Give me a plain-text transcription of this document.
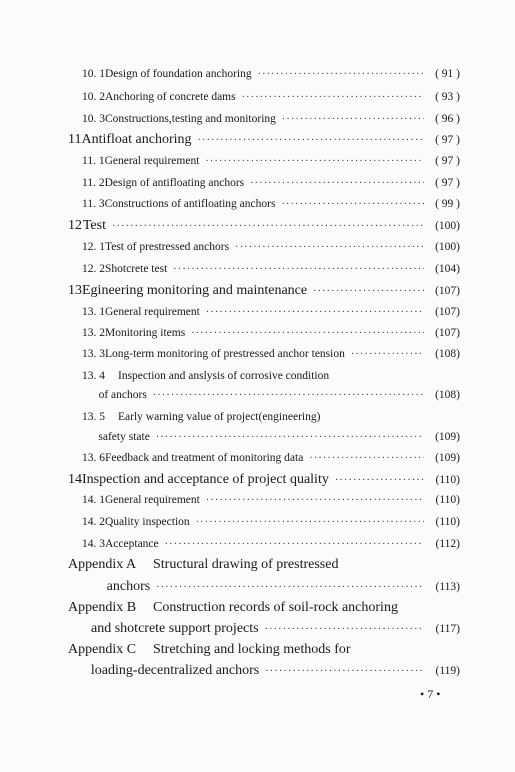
10. 1 Design of foundation anchoring ·····	( 91 )
10. 2 Anchoring of concrete dams ·····	( 93 )
10. 3 Constructions,testing and monitoring ·····	( 96 )
11 Antifloat anchoring ·····	( 97 )
11. 1 General requirement ·····	( 97 )
11. 2 Design of antifloating anchors ·····	( 97 )
11. 3 Constructions of antifloating anchors ·····	( 99 )
12 Test ·····	(100)
12. 1 Test of prestressed anchors ·····	(100)
12. 2 Shotcrete test ·····	(104)
13 Egineering monitoring and maintenance ·····	(107)
13. 1 General requirement ·····	(107)
13. 2 Monitoring items ·····	(107)
13. 3 Long-term monitoring of prestressed anchor tension ·····	(108)
13. 4	Inspection and anslysis of corrosive condition
of anchors ·····	(108)
13. 5	Early warning value of project(engineering)
safety state ·····	(109)
13. 6 Feedback and treatment of monitoring data ·····	(109)
14 Inspection and acceptance of project quality ·····	(110)
14. 1 General requirement ·····	(110)
14. 2 Quality inspection ·····	(110)
14. 3 Acceptance ·····	(112)
Appendix A	Structural drawing of prestressed
anchors ·····	(113)
Appendix B	Construction records of soil-rock anchoring
and shotcrete support projects ·····	(117)
Appendix C	Stretching and locking methods for
loading-decentralized anchors ·····	(119)
• 7 •
